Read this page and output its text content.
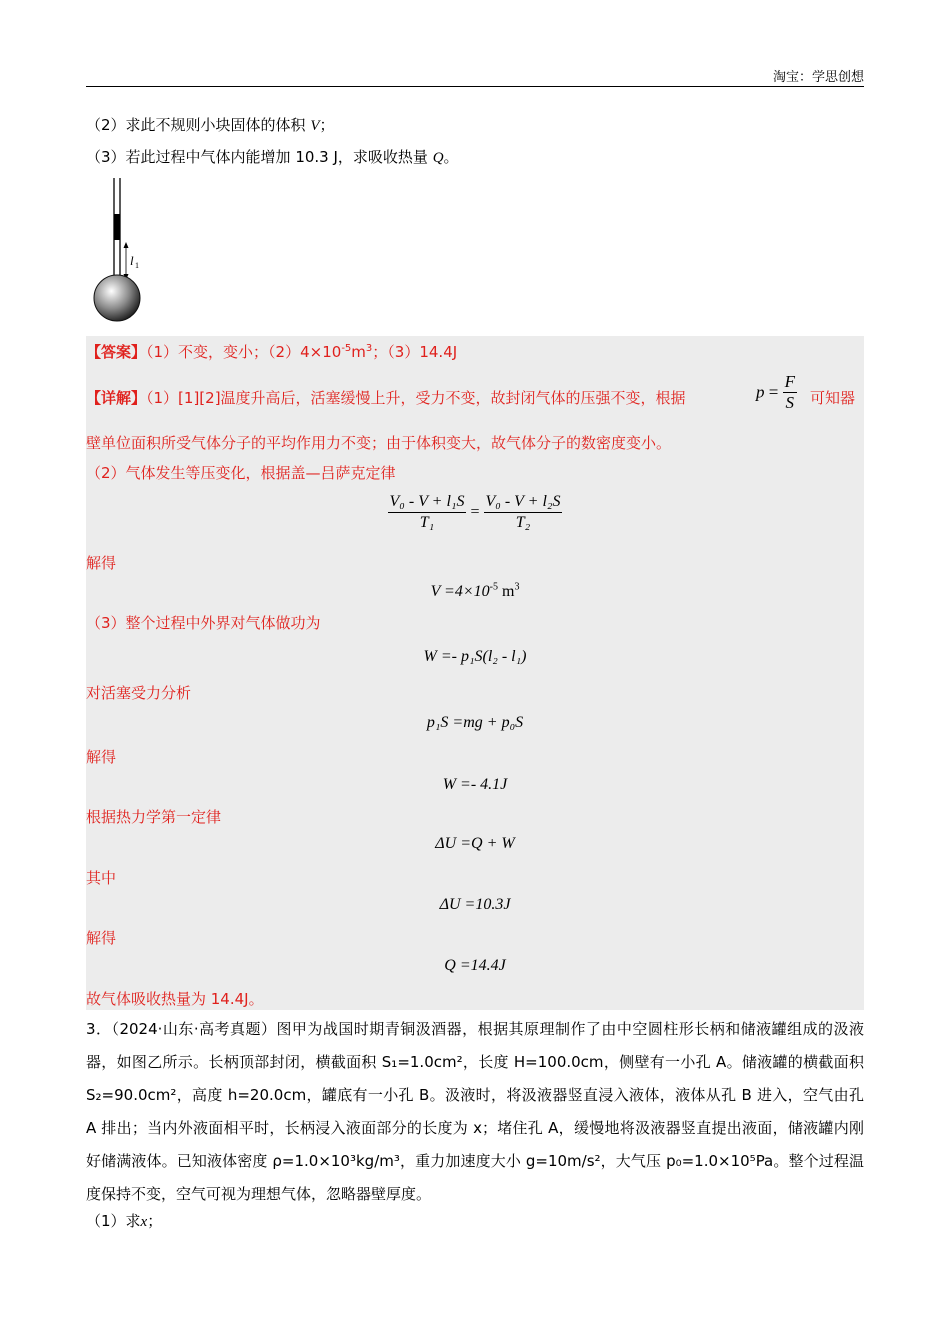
淘宝：学思创想
（2）求此不规则小块固体的体积 V；
（3）若此过程中气体内能增加 10.3 J，求吸收热量 Q。
l 1
【答案】（1）不变，变小；$(2)4\times 10^{-5}m^3$；（3）14.4J
【详解】（1）[1][2]温度升高后，活塞缓慢上升，受力不变，故封闭气体的压强不变，根据	$p = \frac{F}{S}$ 可知器
壁单位面积所受气体分子的平均作用力不变；由于体积变大，故气体分子的数密度变小。
（2）气体发生等压变化，根据盖—吕萨克定律
$\frac{\text{V₀ - V + l₁S}}{\text{T₁}} = \frac{\text{V₀ - V + l₂S}}{\text{T₂}}$
解得
$V =4\times 10^{-5}$ $m^3$
（3）整个过程中外界对气体做功为
W =- p₁S(l₂ - l₁)
对活塞受力分析
p₁S =mg + p₀S
解得
W =- 4.1J
根据热力学第一定律
ΔU =Q + W
其中
ΔU =10.3J
解得
Q =14.4J
故气体吸收热量为 14.4J。
3．（2024·山东·高考真题）图甲为战国时期青铜汲酒器，根据其原理制作了由中空圆柱形长柄和储液罐组成的汲液器，如图乙所示。长柄顶部封闭，横截面积 S₁=1.0cm²，长度 H=100.0cm，侧壁有一小孔 A。储液罐的横截面积 S₂=90.0cm²，高度 h=20.0cm，罐底有一小孔 B。汲液时，将汲液器竖直浸入液体，液体从孔 B 进入，空气由孔 A 排出；当内外液面相平时，长柄浸入液面部分的长度为 x；堵住孔 A，缓慢地将汲液器竖直提出液面，储液罐内刚好储满液体。已知液体密度 ρ=1.0×10³kg/m³，重力加速度大小 g=10m/s²，大气压 p₀=1.0×10⁵Pa。整个过程温度保持不变，空气可视为理想气体，忽略器壁厚度。
（1）求x；
